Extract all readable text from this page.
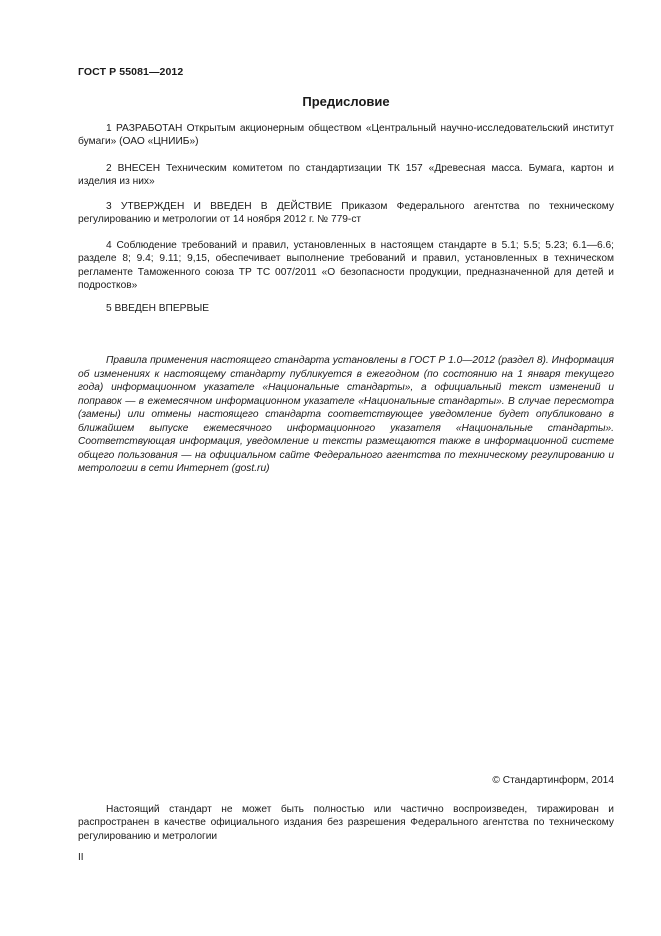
ГОСТ Р 55081—2012
Предисловие

1 РАЗРАБОТАН Открытым акционерным обществом «Центральный научно-исследовательский институт бумаги» (ОАО «ЦНИИБ»)

2 ВНЕСЕН Техническим комитетом по стандартизации ТК 157 «Древесная масса. Бумага, картон и изделия из них»

3 УТВЕРЖДЕН И ВВЕДЕН В ДЕЙСТВИЕ Приказом Федерального агентства по техническому регулированию и метрологии от 14 ноября 2012 г. № 779-ст

4 Соблюдение требований и правил, установленных в настоящем стандарте в 5.1; 5.5; 5.23; 6.1—6.6; разделе 8; 9.4; 9.11; 9,15, обеспечивает выполнение требований и правил, установленных в техническом регламенте Таможенного союза ТР ТС 007/2011 «О безопасности продукции, предназначенной для детей и подростков»

5 ВВЕДЕН ВПЕРВЫЕ

Правила применения настоящего стандарта установлены в ГОСТ Р 1.0—2012 (раздел 8). Информация об изменениях к настоящему стандарту публикуется в ежегодном (по состоянию на 1 января текущего года) информационном указателе «Национальные стандарты», а официальный текст изменений и поправок — в ежемесячном информационном указателе «Национальные стандарты». В случае пересмотра (замены) или отмены настоящего стандарта соответствующее уведомление будет опубликовано в ближайшем выпуске ежемесячного информационного указателя «Национальные стандарты». Соответствующая информация, уведомление и тексты размещаются также в информационной системе общего пользования — на официальном сайте Федерального агентства по техническому регулированию и метрологии в сети Интернет (gost.ru)

© Стандартинформ, 2014

Настоящий стандарт не может быть полностью или частично воспроизведен, тиражирован и распространен в качестве официального издания без разрешения Федерального агентства по техническому регулированию и метрологии

II
